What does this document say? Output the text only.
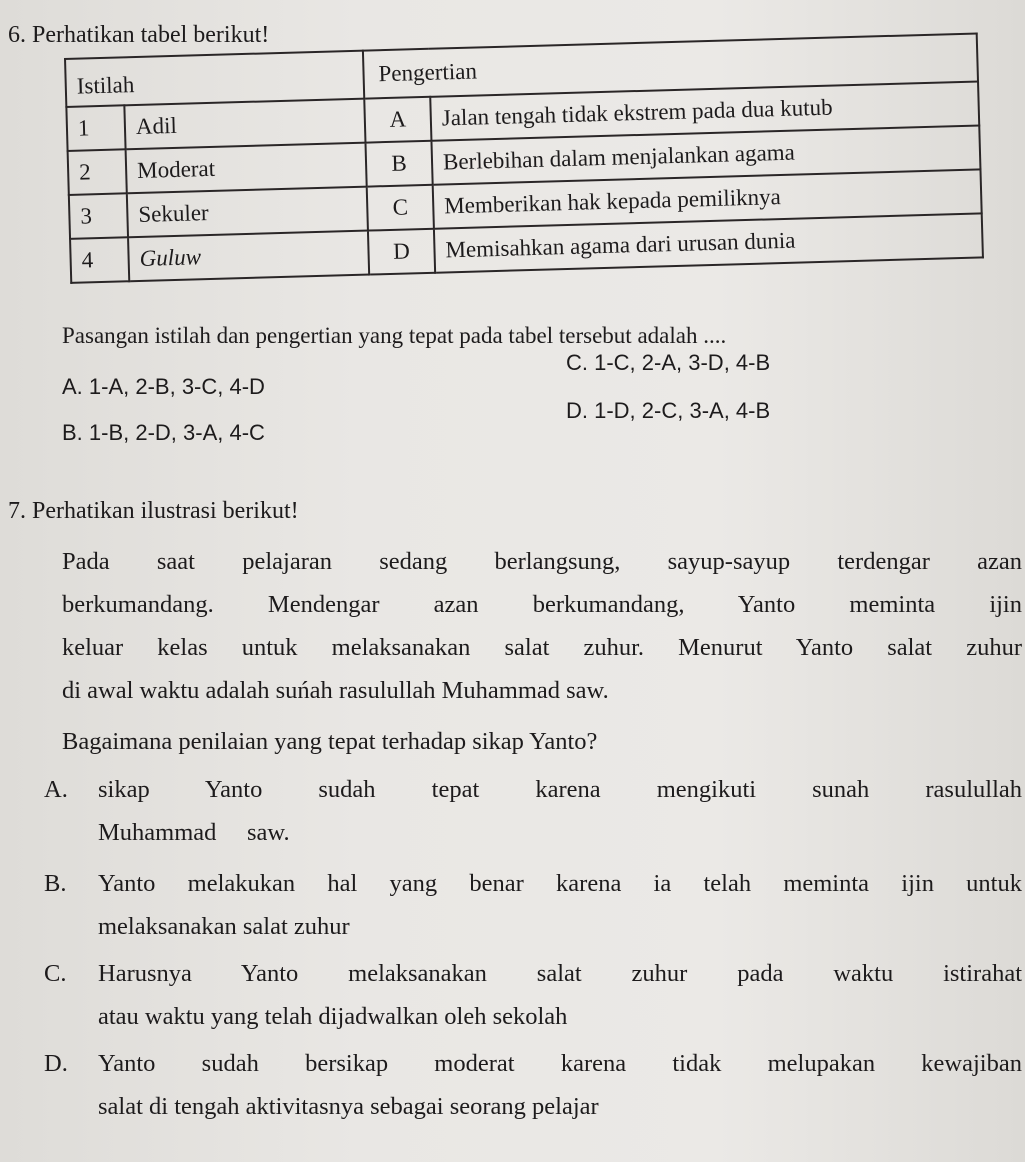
6. Perhatikan tabel berikut!
Istilah		Pengertian	
1	Adil	A	Jalan tengah tidak ekstrem pada dua kutub
2	Moderat	B	Berlebihan dalam menjalankan agama
3	Sekuler	C	Memberikan hak kepada pemiliknya
4	Guluw	D	Memisahkan agama dari urusan dunia
Pasangan istilah dan pengertian yang tepat pada tabel tersebut adalah ....
A. 1-A, 2-B, 3-C, 4-D
B. 1-B, 2-D, 3-A, 4-C
C. 1-C, 2-A, 3-D, 4-B
D. 1-D, 2-C, 3-A, 4-B
7. Perhatikan ilustrasi berikut!
Pada saat pelajaran sedang berlangsung, sayup-sayup terdengar azan
berkumandang. Mendengar azan berkumandang, Yanto meminta ijin
keluar kelas untuk melaksanakan salat zuhur. Menurut Yanto salat zuhur
di awal waktu adalah suńah rasulullah Muhammad saw.
Bagaimana penilaian yang tepat terhadap sikap Yanto?
A. sikap Yanto sudah tepat karena mengikuti sunah rasulullah
Muhammad     saw.
B. Yanto melakukan hal yang benar karena ia telah meminta ijin untuk
melaksanakan salat zuhur
C. Harusnya Yanto melaksanakan salat zuhur pada waktu istirahat
atau waktu yang telah dijadwalkan oleh sekolah
D. Yanto sudah bersikap moderat karena tidak melupakan kewajiban
salat di tengah aktivitasnya sebagai seorang pelajar
